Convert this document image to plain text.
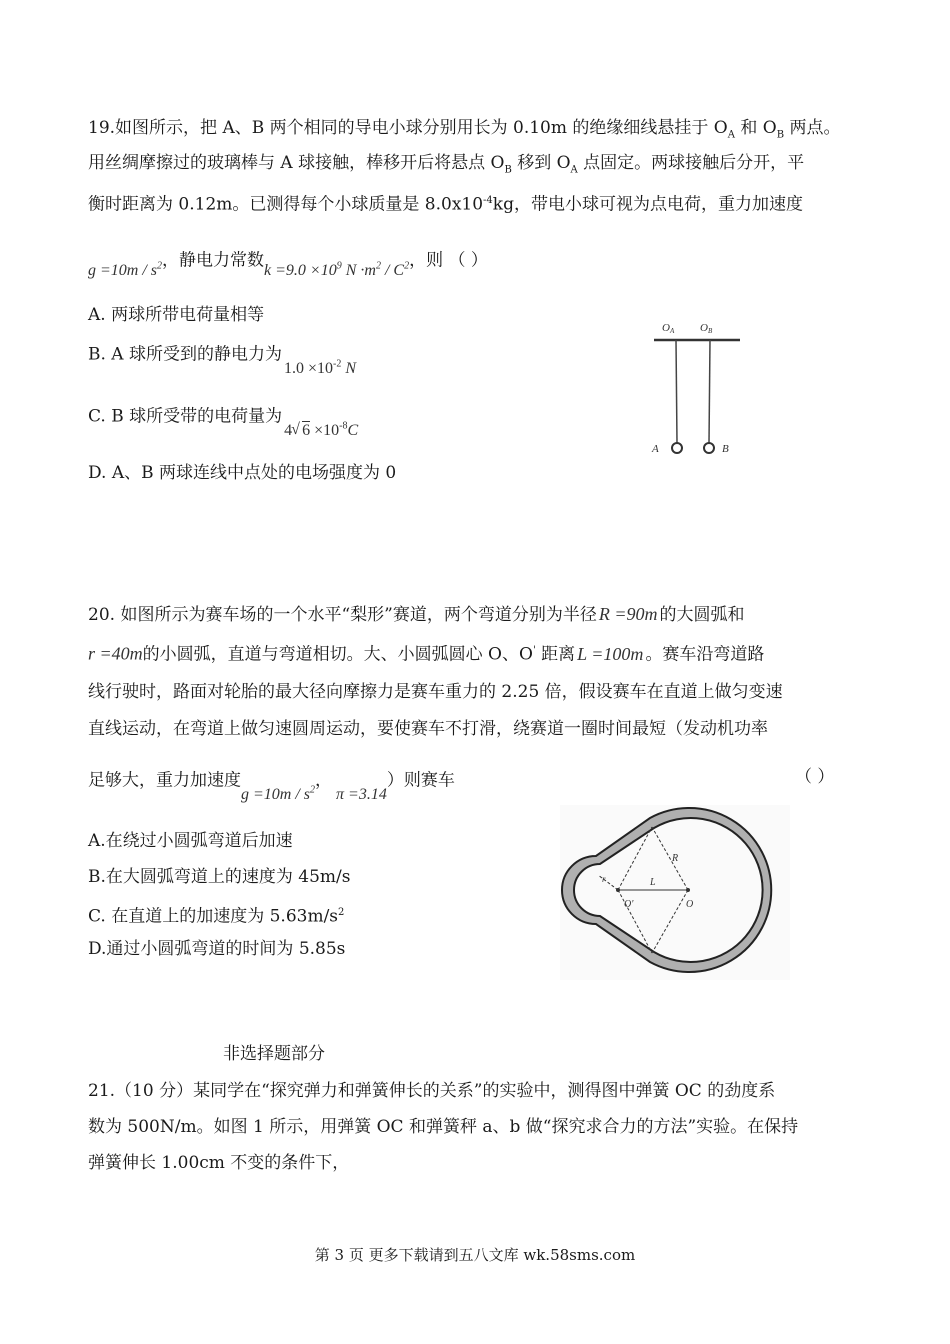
19.如图所示，把 A、B 两个相同的导电小球分别用长为 0.10m 的绝缘细线悬挂于 $O_A$ 和 $O_B$ 两点。
用丝绸摩擦过的玻璃棒与 A 球接触，棒移开后将悬点 $O_B$ 移到 $O_A$ 点固定。两球接触后分开，平
衡时距离为 0.12m。已测得每个小球质量是 $8.0x10^{-4}kg$，带电小球可视为点电荷，重力加速度
$g =10m / s^2$，静电力常数$k =9.0 \times 10^9$ $N \cdot m^2 / C^2$，则 （ ）
A. 两球所带电荷量相等
B. A 球所受到的静电力为$1.0 \times 10^{-2}$ N
C. B 球所受带的电荷量为4 √ $6 \times 10^{-8}C$
D. A、B 两球连线中点处的电场强度为 0
OA OB
A	B
20. 如图所示为赛车场的一个水平“梨形”赛道，两个弯道分别为半径 R =90m 的大圆弧和
r =40m的小圆弧，直道与弯道相切。大、小圆弧圆心 O、O' 距离 L =100m 。赛车沿弯道路
线行驶时，路面对轮胎的最大径向摩擦力是赛车重力的 2.25 倍，假设赛车在直道上做匀变速
直线运动，在弯道上做匀速圆周运动，要使赛车不打滑，绕赛道一圈时间最短（发动机功率
足够大，重力加速度$g =10m / s^2$，π =3.14）则赛车	（ ）
A.在绕过小圆弧弯道后加速
B.在大圆弧弯道上的速度为 45m/s
C. 在直道上的加速度为 $5.63m/s^2$
D.通过小圆弧弯道的时间为 5.85s
r
R
L
O'	O
非选择题部分
21.（10 分）某同学在“探究弹力和弹簧伸长的关系”的实验中，测得图中弹簧 OC 的劲度系
数为 500N/m。如图 1 所示，用弹簧 OC 和弹簧秤 a、b 做“探究求合力的方法”实验。在保持
弹簧伸长 1.00cm 不变的条件下，
第 3 页 更多下载请到五八文库 wk.58sms.com
